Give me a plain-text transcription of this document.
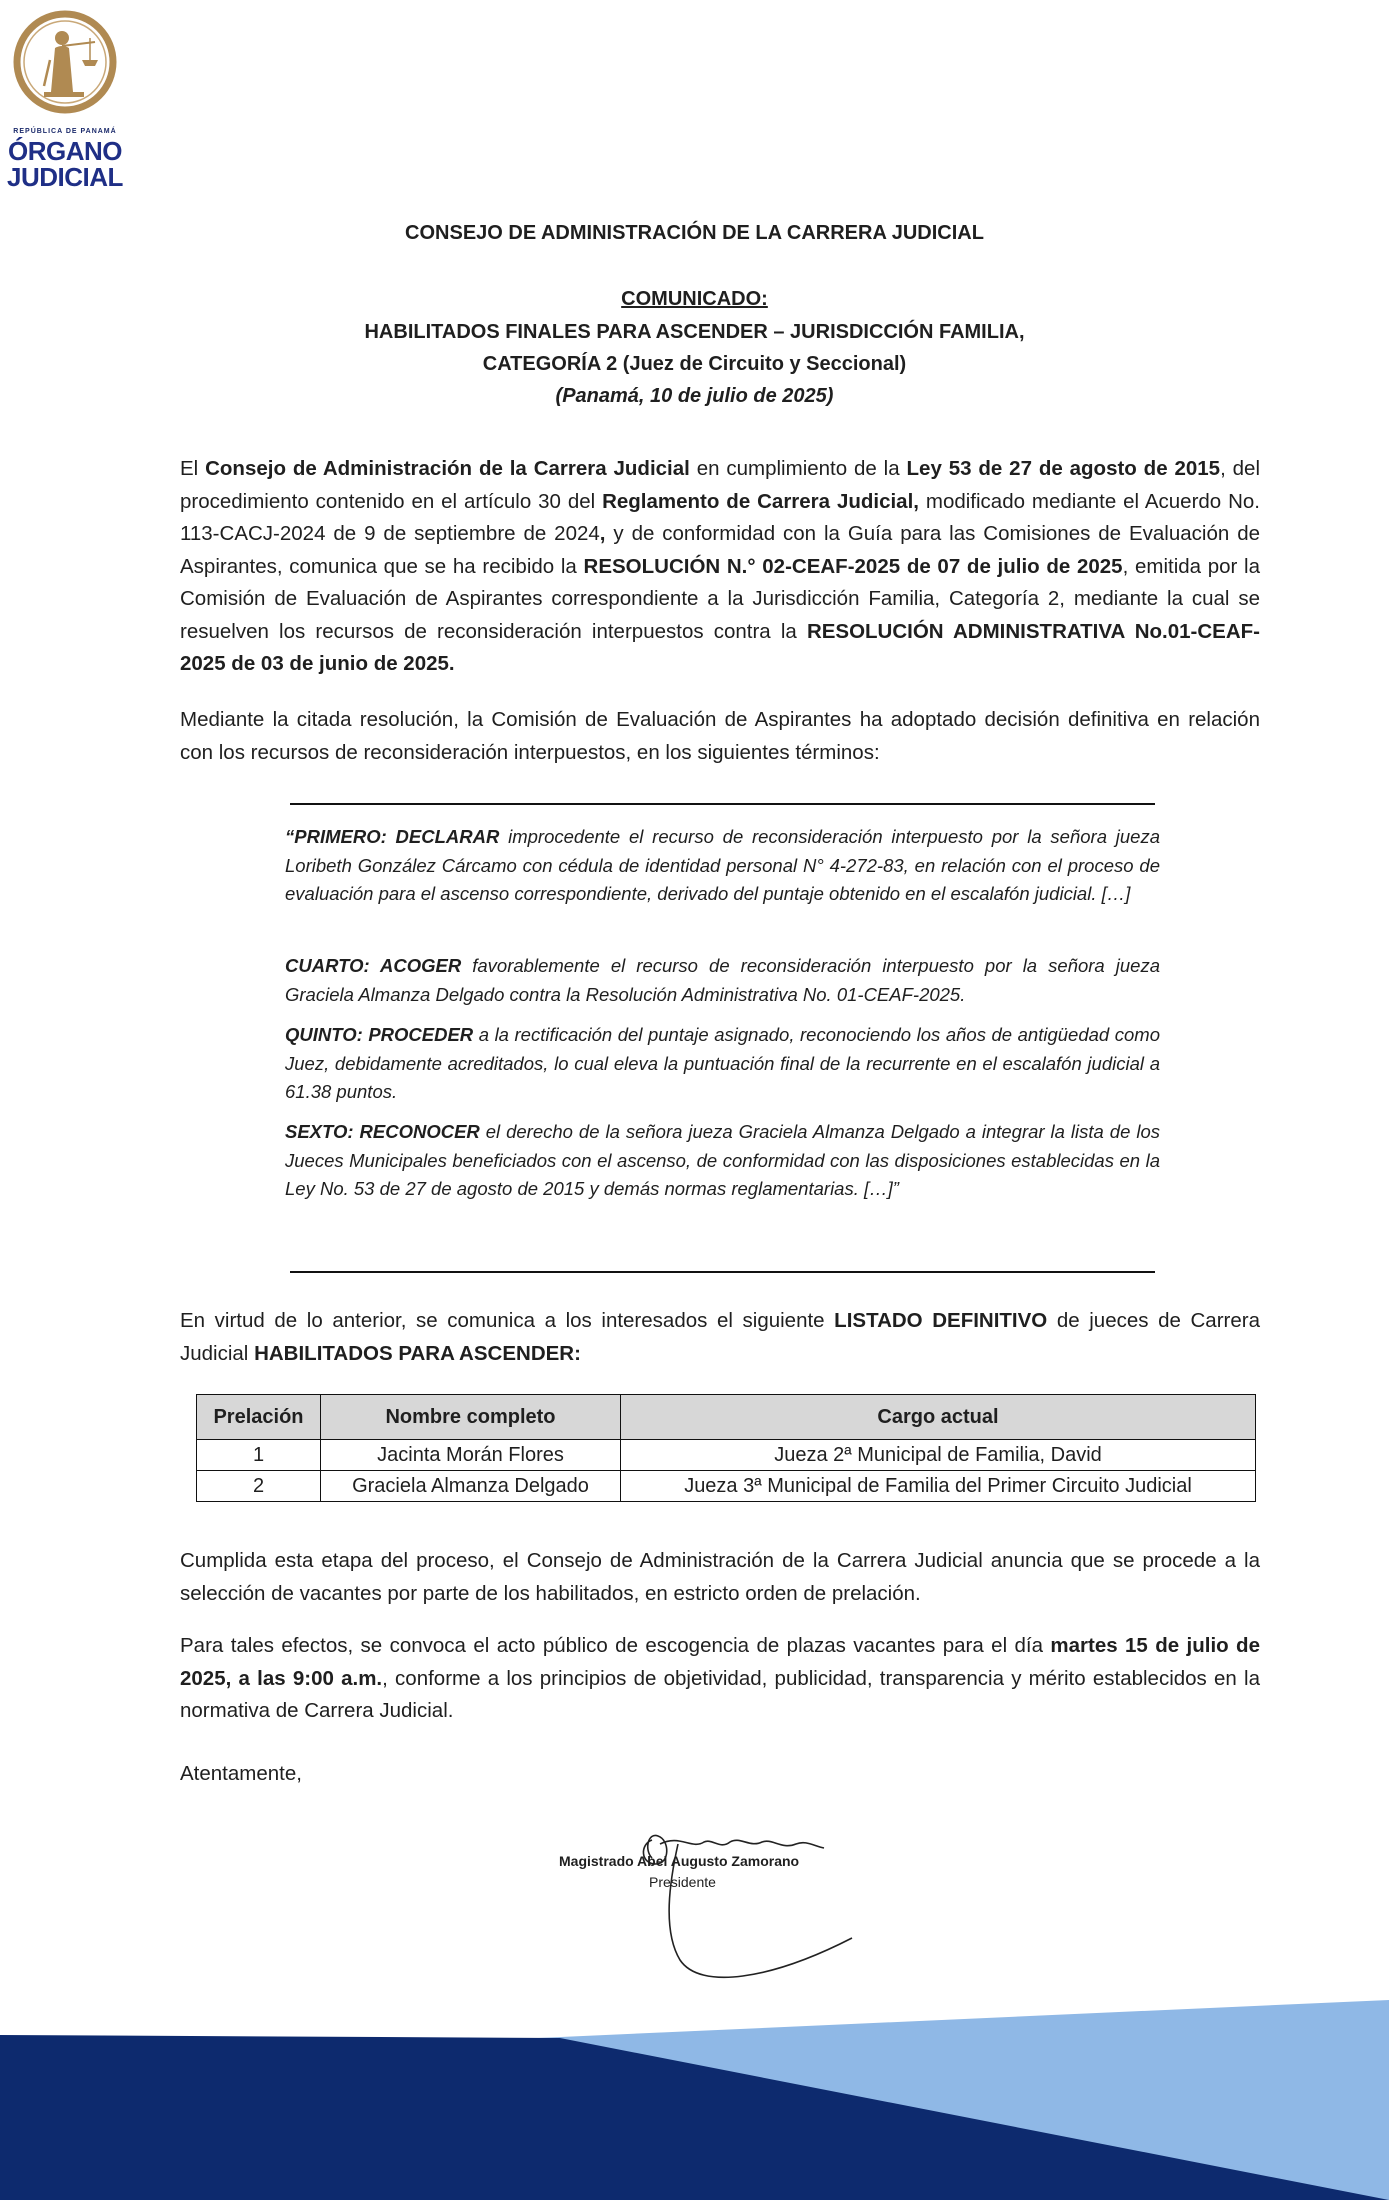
REPÚBLICA DE PANAMÁ
ÓRGANO
JUDICIAL
CONSEJO DE ADMINISTRACIÓN DE LA CARRERA JUDICIAL
COMUNICADO:
HABILITADOS FINALES PARA ASCENDER – JURISDICCIÓN FAMILIA,
CATEGORÍA 2 (Juez de Circuito y Seccional)
(Panamá, 10 de julio de 2025)
El Consejo de Administración de la Carrera Judicial en cumplimiento de la Ley 53 de 27 de agosto de 2015, del procedimiento contenido en el artículo 30 del Reglamento de Carrera Judicial, modificado mediante el Acuerdo No. 113-CACJ-2024 de 9 de septiembre de 2024, y de conformidad con la Guía para las Comisiones de Evaluación de Aspirantes, comunica que se ha recibido la RESOLUCIÓN N.° 02-CEAF-2025 de 07 de julio de 2025, emitida por la Comisión de Evaluación de Aspirantes correspondiente a la Jurisdicción Familia, Categoría 2, mediante la cual se resuelven los recursos de reconsideración interpuestos contra la RESOLUCIÓN ADMINISTRATIVA No.01-CEAF-2025 de 03 de junio de 2025.
Mediante la citada resolución, la Comisión de Evaluación de Aspirantes ha adoptado decisión definitiva en relación con los recursos de reconsideración interpuestos, en los siguientes términos:
“PRIMERO: DECLARAR improcedente el recurso de reconsideración interpuesto por la señora jueza Loribeth González Cárcamo con cédula de identidad personal N° 4-272-83, en relación con el proceso de evaluación para el ascenso correspondiente, derivado del puntaje obtenido en el escalafón judicial. […]
CUARTO: ACOGER favorablemente el recurso de reconsideración interpuesto por la señora jueza Graciela Almanza Delgado contra la Resolución Administrativa No. 01-CEAF-2025.
QUINTO: PROCEDER a la rectificación del puntaje asignado, reconociendo los años de antigüedad como Juez, debidamente acreditados, lo cual eleva la puntuación final de la recurrente en el escalafón judicial a 61.38 puntos.
SEXTO: RECONOCER el derecho de la señora jueza Graciela Almanza Delgado a integrar la lista de los Jueces Municipales beneficiados con el ascenso, de conformidad con las disposiciones establecidas en la Ley No. 53 de 27 de agosto de 2015 y demás normas reglamentarias. […]”
En virtud de lo anterior, se comunica a los interesados el siguiente LISTADO DEFINITIVO de jueces de Carrera Judicial HABILITADOS PARA ASCENDER:
Prelación	Nombre completo	Cargo actual
1	Jacinta Morán Flores	Jueza 2ª Municipal de Familia, David
2	Graciela Almanza Delgado	Jueza 3ª Municipal de Familia del Primer Circuito Judicial
Cumplida esta etapa del proceso, el Consejo de Administración de la Carrera Judicial anuncia que se procede a la selección de vacantes por parte de los habilitados, en estricto orden de prelación.
Para tales efectos, se convoca el acto público de escogencia de plazas vacantes para el día martes 15 de julio de 2025, a las 9:00 a.m., conforme a los principios de objetividad, publicidad, transparencia y mérito establecidos en la normativa de Carrera Judicial.
Atentamente,
Magistrado Abel Augusto Zamorano
Presidente
